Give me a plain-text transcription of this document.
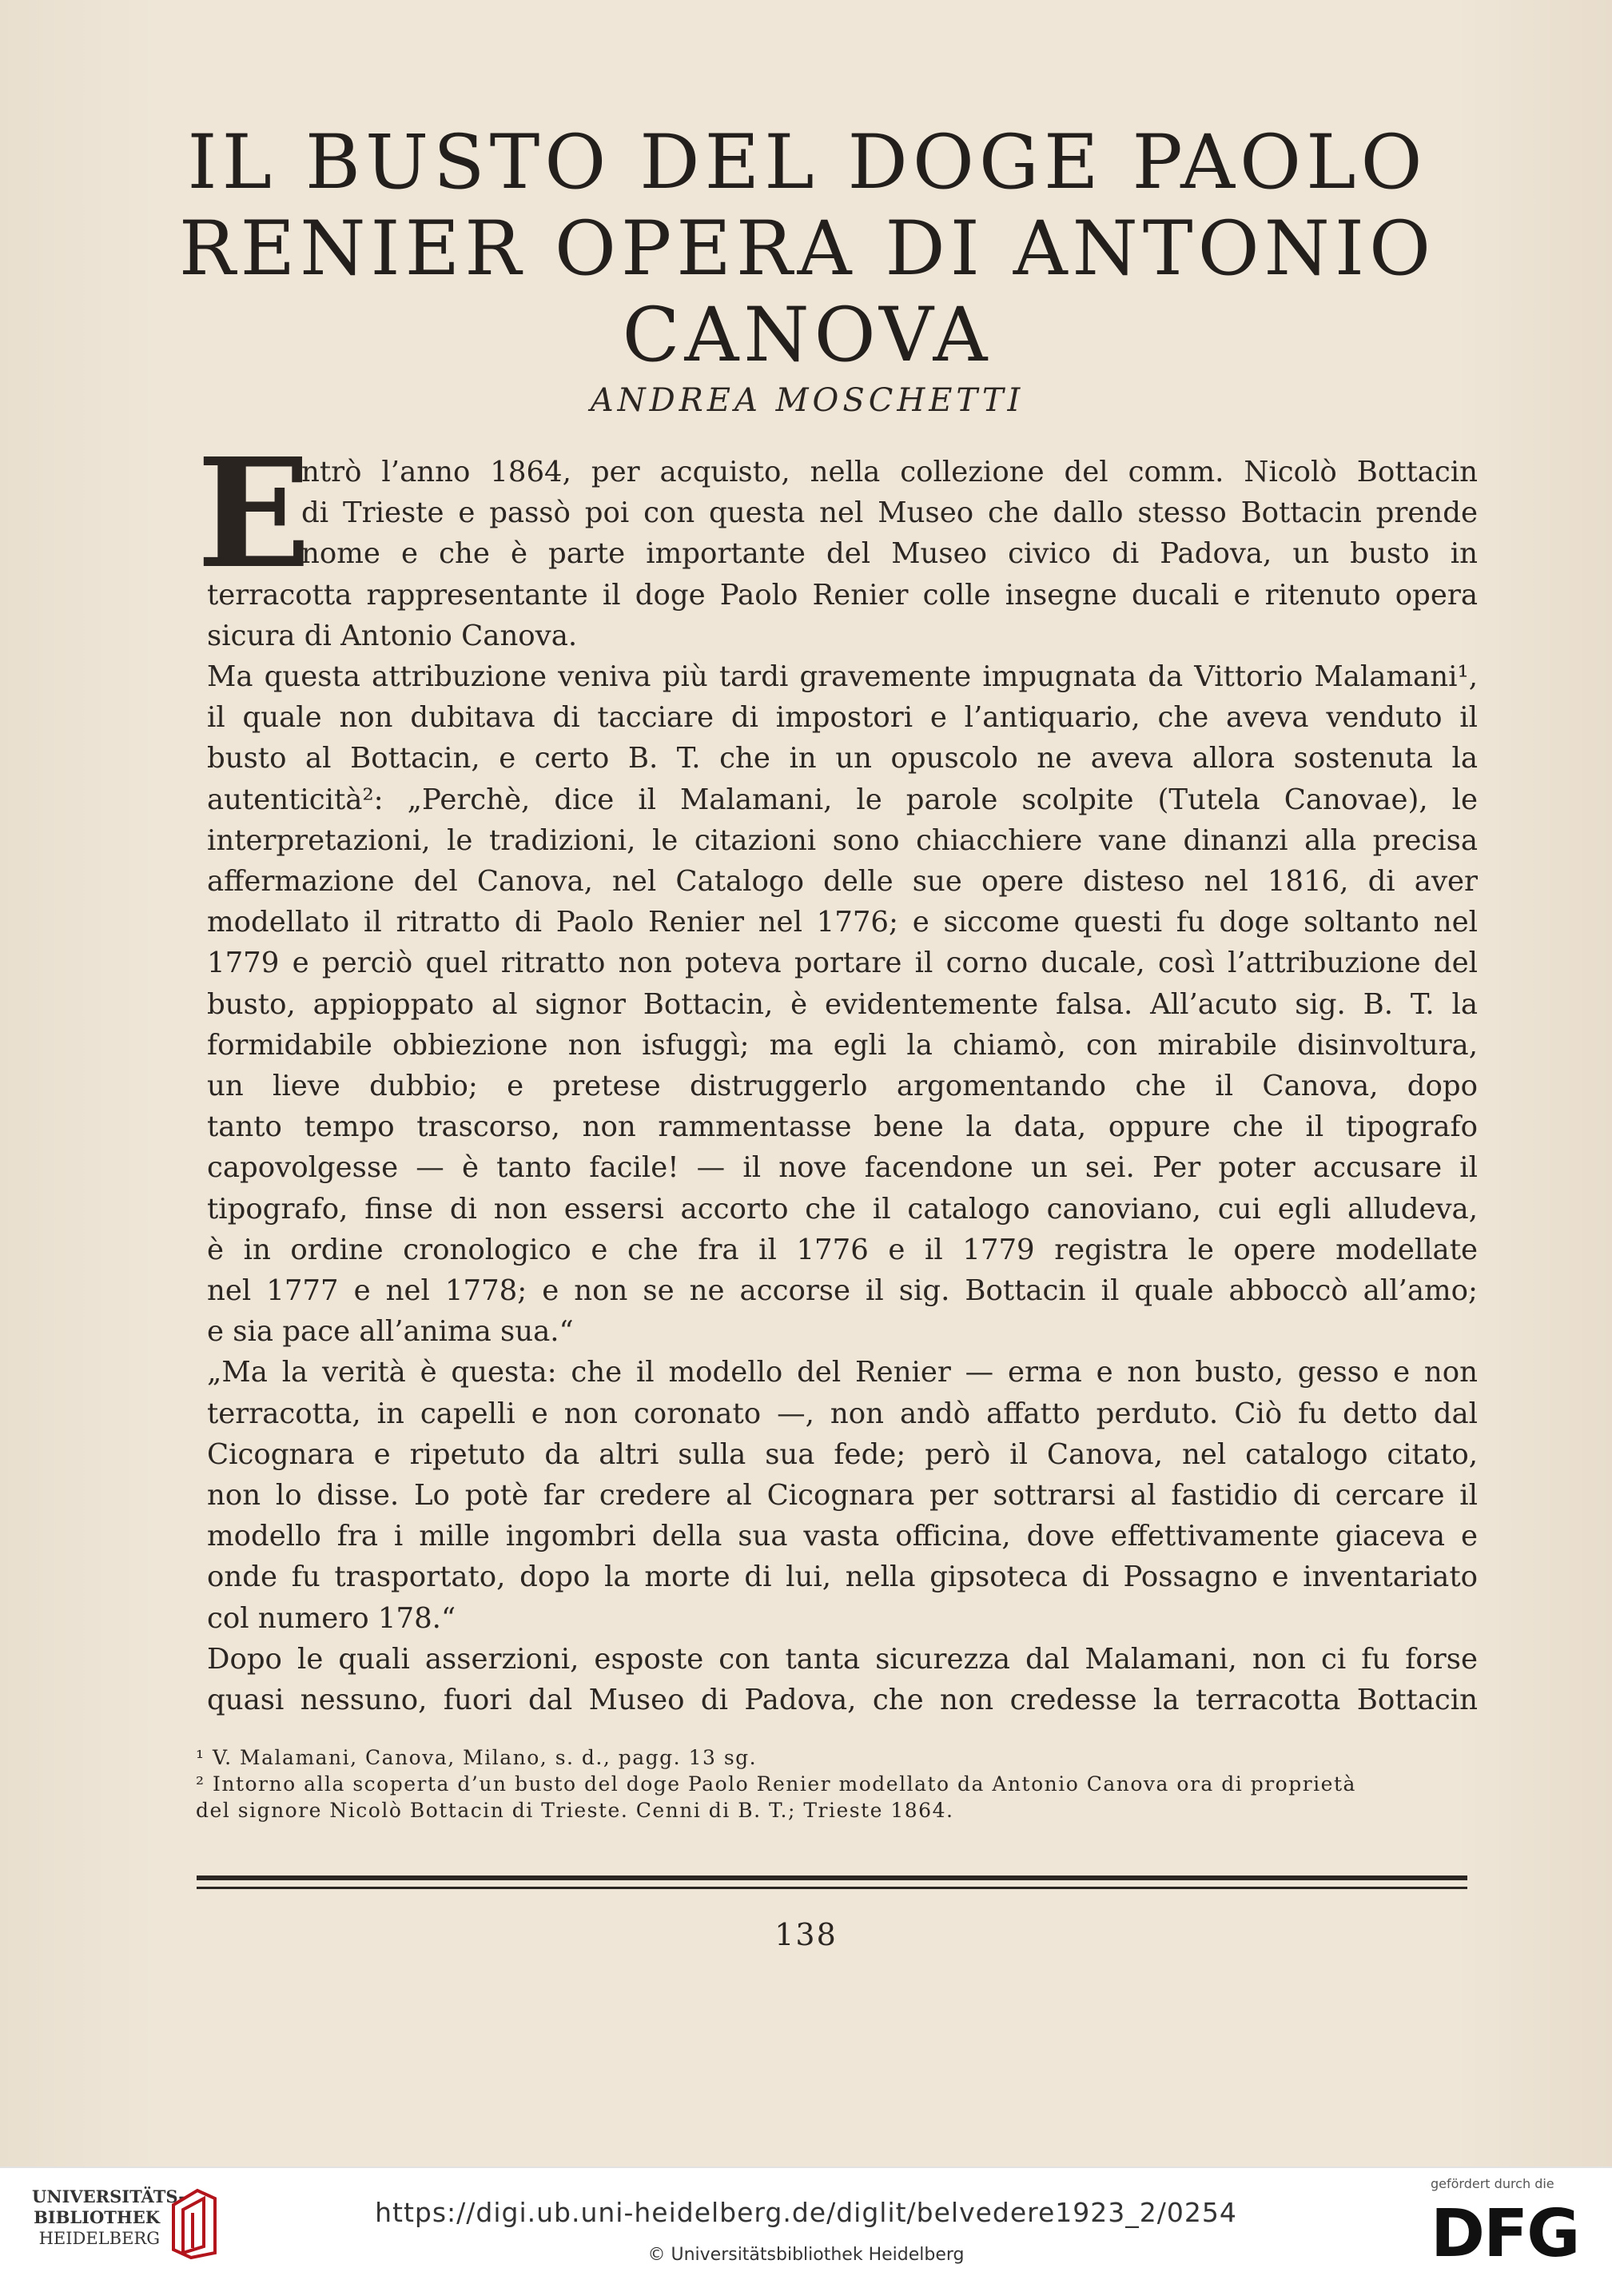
IL BUSTO DEL DOGE PAOLO
RENIER OPERA DI ANTONIO
CANOVA
ANDREA MOSCHETTI
E
ntrò l’anno 1864, per acquisto, nella collezione del comm. Nicolò Bottacin
di Trieste e passò poi con questa nel Museo che dallo stesso Bottacin prende
nome e che è parte importante del Museo civico di Padova, un busto in
terracotta rappresentante il doge Paolo Renier colle insegne ducali e ritenuto opera
sicura di Antonio Canova.
Ma questa attribuzione veniva più tardi gravemente impugnata da Vittorio Malamani¹,
il quale non dubitava di tacciare di impostori e l’antiquario, che aveva venduto il
busto al Bottacin, e certo B. T. che in un opuscolo ne aveva allora sostenuta la
autenticità²: „Perchè, dice il Malamani, le parole scolpite (Tutela Canovae), le
interpretazioni, le tradizioni, le citazioni sono chiacchiere vane dinanzi alla precisa
affermazione del Canova, nel Catalogo delle sue opere disteso nel 1816, di aver
modellato il ritratto di Paolo Renier nel 1776; e siccome questi fu doge soltanto nel
1779 e perciò quel ritratto non poteva portare il corno ducale, così l’attribuzione del
busto, appioppato al signor Bottacin, è evidentemente falsa. All’acuto sig. B. T. la
formidabile obbiezione non isfuggì; ma egli la chiamò, con mirabile disinvoltura,
un lieve dubbio; e pretese distruggerlo argomentando che il Canova, dopo
tanto tempo trascorso, non rammentasse bene la data, oppure che il tipografo
capovolgesse — è tanto facile! — il nove facendone un sei. Per poter accusare il
tipografo, finse di non essersi accorto che il catalogo canoviano, cui egli alludeva,
è in ordine cronologico e che fra il 1776 e il 1779 registra le opere modellate
nel 1777 e nel 1778; e non se ne accorse il sig. Bottacin il quale abboccò all’amo;
e sia pace all’anima sua.“
„Ma la verità è questa: che il modello del Renier — erma e non busto, gesso e non
terracotta, in capelli e non coronato —, non andò affatto perduto. Ciò fu detto dal
Cicognara e ripetuto da altri sulla sua fede; però il Canova, nel catalogo citato,
non lo disse. Lo potè far credere al Cicognara per sottrarsi al fastidio di cercare il
modello fra i mille ingombri della sua vasta officina, dove effettivamente giaceva e
onde fu trasportato, dopo la morte di lui, nella gipsoteca di Possagno e inventariato
col numero 178.“
Dopo le quali asserzioni, esposte con tanta sicurezza dal Malamani, non ci fu forse
quasi nessuno, fuori dal Museo di Padova, che non credesse la terracotta Bottacin
¹ V. Malamani, Canova, Milano, s. d., pagg. 13 sg.
² Intorno alla scoperta d’un busto del doge Paolo Renier modellato da Antonio Canova ora di proprietà
del signore Nicolò Bottacin di Trieste. Cenni di B. T.; Trieste 1864.
138
UNIVERSITÄTS-
BIBLIOTHEK
HEIDELBERG
https://digi.ub.uni-heidelberg.de/diglit/belvedere1923_2/0254
© Universitätsbibliothek Heidelberg
gefördert durch die
DFG
